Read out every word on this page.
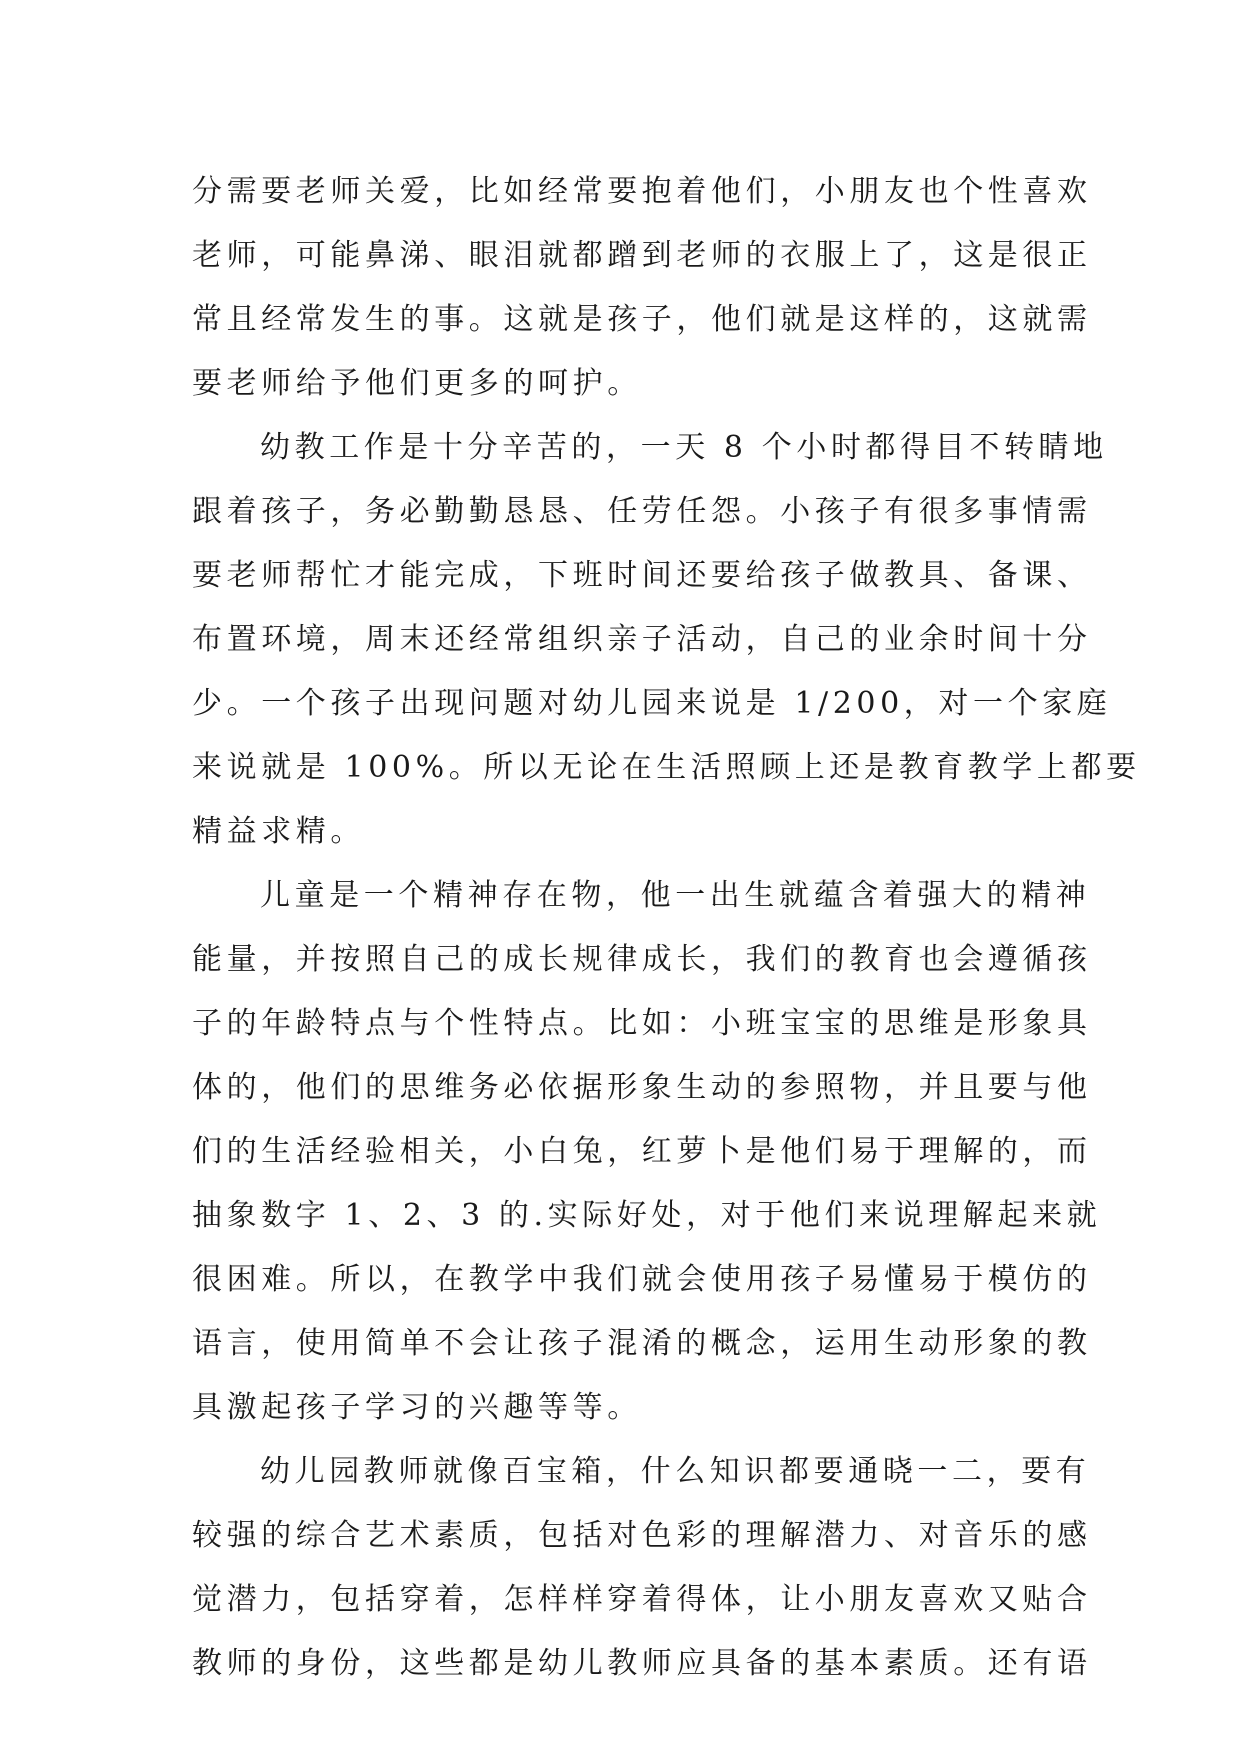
分需要老师关爱，比如经常要抱着他们，小朋友也个性喜欢
老师，可能鼻涕、眼泪就都蹭到老师的衣服上了，这是很正
常且经常发生的事。这就是孩子，他们就是这样的，这就需
要老师给予他们更多的呵护。
幼教工作是十分辛苦的，一天 8 个小时都得目不转睛地
跟着孩子，务必勤勤恳恳、任劳任怨。小孩子有很多事情需
要老师帮忙才能完成，下班时间还要给孩子做教具、备课、
布置环境，周末还经常组织亲子活动，自己的业余时间十分
少。一个孩子出现问题对幼儿园来说是 1/200，对一个家庭
来说就是 100%。所以无论在生活照顾上还是教育教学上都要
精益求精。
儿童是一个精神存在物，他一出生就蕴含着强大的精神
能量，并按照自己的成长规律成长，我们的教育也会遵循孩
子的年龄特点与个性特点。比如：小班宝宝的思维是形象具
体的，他们的思维务必依据形象生动的参照物，并且要与他
们的生活经验相关，小白兔，红萝卜是他们易于理解的，而
抽象数字 1、2、3 的.实际好处，对于他们来说理解起来就
很困难。所以，在教学中我们就会使用孩子易懂易于模仿的
语言，使用简单不会让孩子混淆的概念，运用生动形象的教
具激起孩子学习的兴趣等等。
幼儿园教师就像百宝箱，什么知识都要通晓一二，要有
较强的综合艺术素质，包括对色彩的理解潜力、对音乐的感
觉潜力，包括穿着，怎样样穿着得体，让小朋友喜欢又贴合
教师的身份，这些都是幼儿教师应具备的基本素质。还有语
